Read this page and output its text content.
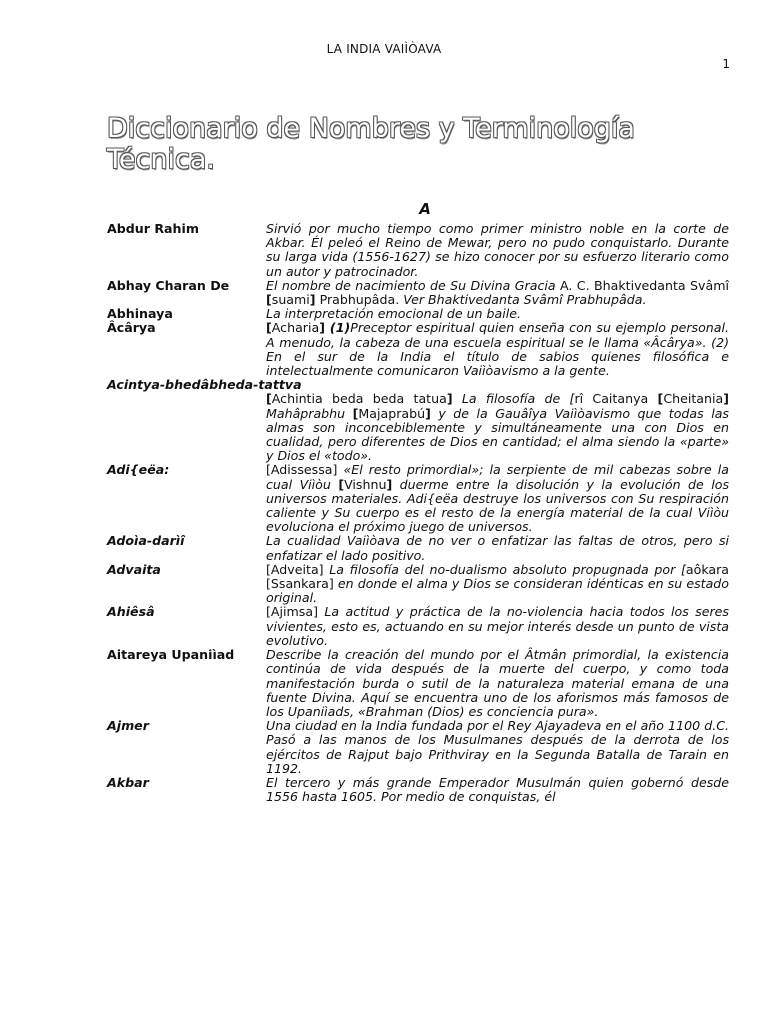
LA INDIA VAIÌÒAVA
1
Diccionario de Nombres y Terminología Técnica.
A
Abdur Rahim	Sirvió por mucho tiempo como primer ministro noble en la corte de Akbar. Él peleó el Reino de Mewar, pero no pudo conquistarlo. Durante su larga vida (1556-1627) se hizo conocer por su esfuerzo literario como un autor y patrocinador.
Abhay Charan De	El nombre de nacimiento de Su Divina Gracia A. C. Bhaktivedanta Svâmî [suami] Prabhupâda. Ver Bhaktivedanta Svâmî Prabhupâda.
Abhinaya	La interpretación emocional de un baile.
Âcârya	[Acharia] (1)Preceptor espiritual quien enseña con su ejemplo personal. A menudo, la cabeza de una escuela espiritual se le llama «Âcârya». (2) En el sur de la India el título de sabios quienes filosófica e intelectualmente comunicaron Vaiìòavismo a la gente.
Acintya-bhedâbheda-tattva
[Achintia beda beda tatua] La filosofía de [rî Caitanya [Cheitania] Mahâprabhu [Majaprabú] y de la Gauâîya Vaiìòavismo que todas las almas son inconcebiblemente y simultáneamente una con Dios en cualidad, pero diferentes de Dios en cantidad; el alma siendo la «parte» y Dios el «todo».
Adi{eëa:	[Adissessa] «El resto primordial»; la serpiente de mil cabezas sobre la cual Viìòu [Vishnu] duerme entre la disolución y la evolución de los universos materiales. Adi{eëa destruye los universos con Su respiración caliente y Su cuerpo es el resto de la energía material de la cual Viìòu evoluciona el próximo juego de universos.
Adoìa-darìî	La cualidad Vaiìòava de no ver o enfatizar las faltas de otros, pero si enfatizar el lado positivo.
Advaita	[Adveita] La filosofía del no-dualismo absoluto propugnada por [aôkara [Ssankara] en donde el alma y Dios se consideran idénticas en su estado original.
Ahiêsâ	[Ajimsa] La actitud y práctica de la no-violencia hacia todos los seres vivientes, esto es, actuando en su mejor interés desde un punto de vista evolutivo.
Aitareya Upaniìad	Describe la creación del mundo por el Âtmân primordial, la existencia continúa de vida después de la muerte del cuerpo, y como toda manifestación burda o sutil de la naturaleza material emana de una fuente Divina. Aquí se encuentra uno de los aforismos más famosos de los Upaniìads, «Brahman (Dios) es conciencia pura».
Ajmer	Una ciudad en la India fundada por el Rey Ajayadeva en el año 1100 d.C. Pasó a las manos de los Musulmanes después de la derrota de los ejércitos de Rajput bajo Prithviray en la Segunda Batalla de Tarain en 1192.
Akbar	El tercero y más grande Emperador Musulmán quien gobernó desde 1556 hasta 1605. Por medio de conquistas, él
